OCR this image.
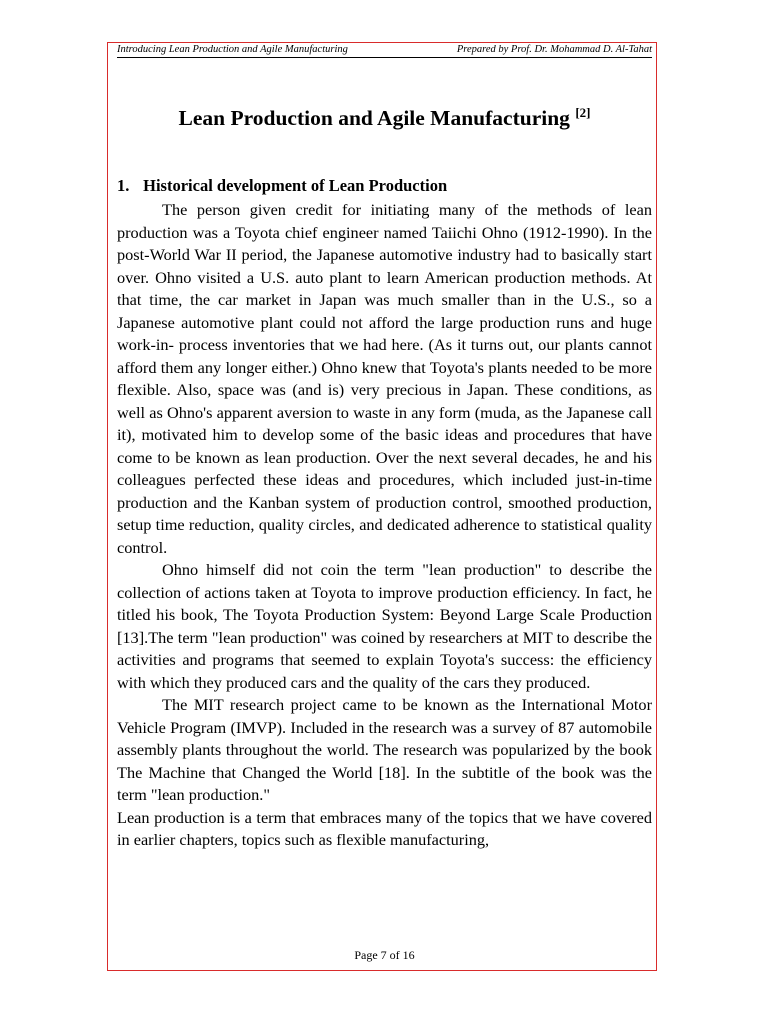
Introducing Lean Production and Agile Manufacturing	Prepared by Prof. Dr. Mohammad D. Al-Tahat
Lean Production and Agile Manufacturing [2]
1. Historical development of Lean Production

The person given credit for initiating many of the methods of lean production was a Toyota chief engineer named Taiichi Ohno (1912-1990). In the post-World War II period, the Japanese automotive industry had to basically start over. Ohno visited a U.S. auto plant to learn American production methods. At that time, the car market in Japan was much smaller than in the U.S., so a Japanese automotive plant could not afford the large production runs and huge work-in- process inventories that we had here. (As it turns out, our plants cannot afford them any longer either.) Ohno knew that Toyota's plants needed to be more flexible. Also, space was (and is) very precious in Japan. These conditions, as well as Ohno's apparent aversion to waste in any form (muda, as the Japanese call it), motivated him to develop some of the basic ideas and procedures that have come to be known as lean production. Over the next several decades, he and his colleagues perfected these ideas and procedures, which included just-in-time production and the Kanban system of production control, smoothed production, setup time reduction, quality circles, and dedicated adherence to statistical quality control.

Ohno himself did not coin the term "lean production" to describe the collection of actions taken at Toyota to improve production efficiency. In fact, he titled his book, The Toyota Production System: Beyond Large Scale Production [13].The term "lean production" was coined by researchers at MIT to describe the activities and programs that seemed to explain Toyota's success: the efficiency with which they produced cars and the quality of the cars they produced.

The MIT research project came to be known as the International Motor Vehicle Program (IMVP). Included in the research was a survey of 87 automobile assembly plants throughout the world. The research was popularized by the book The Machine that Changed the World [18]. In the subtitle of the book was the term "lean production."

Lean production is a term that embraces many of the topics that we have covered in earlier chapters, topics such as flexible manufacturing,

Page 7 of 16
